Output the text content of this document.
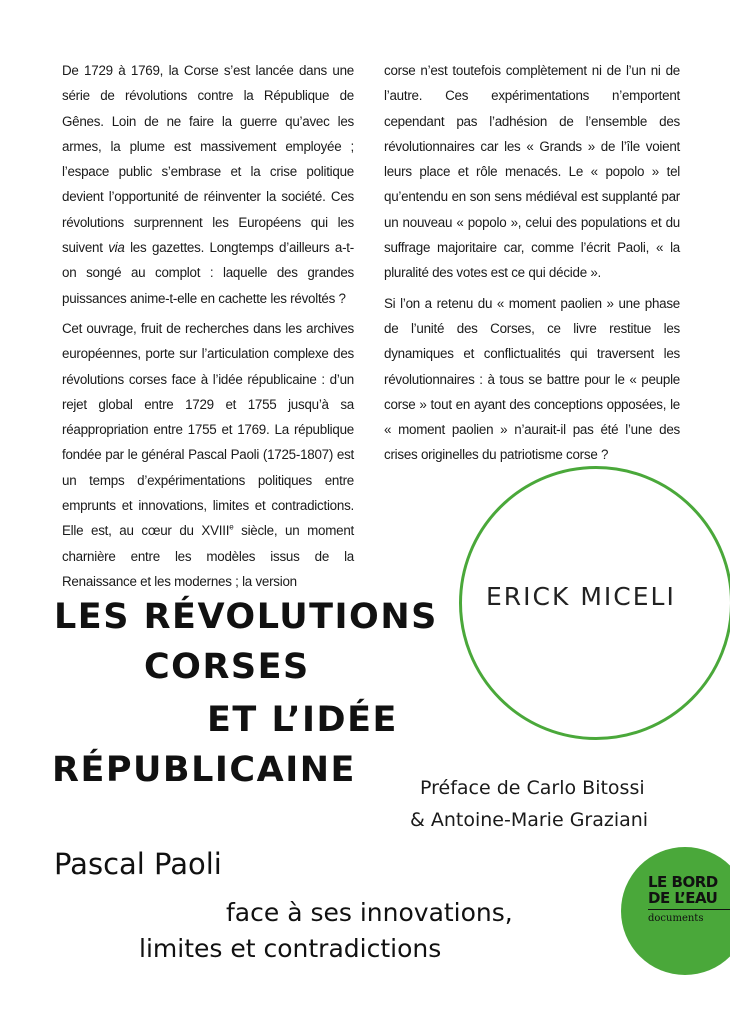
De 1729 à 1769, la Corse s’est lancée dans une série de révolutions contre la République de Gênes. Loin de ne faire la guerre qu’avec les armes, la plume est massivement employée ; l’espace public s’embrase et la crise politique devient l’opportunité de réinventer la société. Ces révolutions surprennent les Européens qui les suivent via les gazettes. Longtemps d’ailleurs a-t-on songé au complot : laquelle des grandes puissances anime-t-elle en cachette les révoltés ?

Cet ouvrage, fruit de recherches dans les archives européennes, porte sur l’articulation complexe des révolutions corses face à l’idée républicaine : d’un rejet global entre 1729 et 1755 jusqu’à sa réappropriation entre 1755 et 1769. La république fondée par le général Pascal Paoli (1725-1807) est un temps d’expérimentations politiques entre emprunts et innovations, limites et contradictions. Elle est, au cœur du XVIIIe siècle, un moment charnière entre les modèles issus de la Renaissance et les modernes ; la version

corse n’est toutefois complètement ni de l’un ni de l’autre. Ces expérimentations n’emportent cependant pas l’adhésion de l’ensemble des révolutionnaires car les « Grands » de l’île voient leurs place et rôle menacés. Le « popolo » tel qu’entendu en son sens médiéval est supplanté par un nouveau « popolo », celui des populations et du suffrage majoritaire car, comme l’écrit Paoli, « la pluralité des votes est ce qui décide ».

Si l’on a retenu du « moment paolien » une phase de l’unité des Corses, ce livre restitue les dynamiques et conflictualités qui traversent les révolutionnaires : à tous se battre pour le « peuple corse » tout en ayant des conceptions opposées, le « moment paolien » n’aurait-il pas été l’une des crises originelles du patriotisme corse ?

ERICK MICELI
LES RÉVOLUTIONS
CORSES
ET L’IDÉE
RÉPUBLICAINE	Préface de Carlo Bitossi
& Antoine-Marie Graziani
Pascal Paoli
face à ses innovations,
limites et contradictions
LE BORD
DE L’EAU
documents
